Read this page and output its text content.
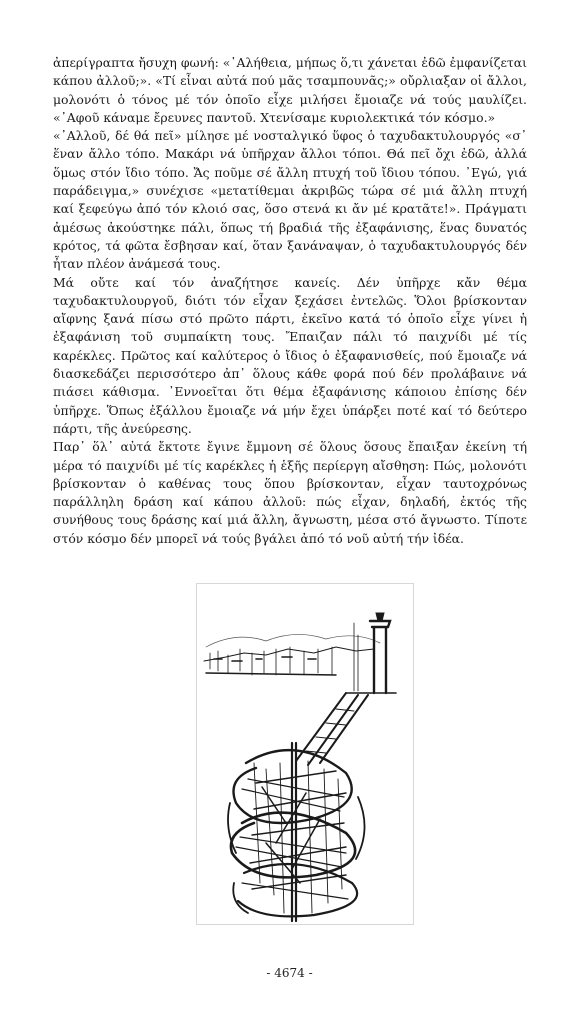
ἀπερίγραπτα ἤσυχη φωνή: «᾿Αλήθεια, μήπως ὅ,τι χάνεται ἐδῶ ἐμφανίζεται κάπου ἀλλοῦ;». «Τί εἶναι αὐτά πού μᾶς τσαμπουνᾶς;» οὔρλιαξαν οἱ ἄλλοι, μολονότι ὁ τόνος μέ τόν ὁποῖο εἶχε μιλήσει ἔμοιαζε νά τούς μαυλίζει. «᾿Αφοῦ κάναμε ἔρευνες παντοῦ. Χτενίσαμε κυριολεκτικά τόν κόσμο.»

«᾿Αλλοῦ, δέ θά πεῖ» μίλησε μέ νοσταλγικό ὕφος ὁ ταχυδακτυλουργός «σ᾿ ἕναν ἄλλο τόπο. Μακάρι νά ὑπῆρχαν ἄλλοι τόποι. Θά πεῖ ὄχι ἐδῶ, ἀλλά ὅμως στόν ἴδιο τόπο. Ἄς ποῦμε σέ ἄλλη πτυχή τοῦ ἴδιου τόπου. ᾿Εγώ, γιά παράδειγμα,» συνέχισε «μετατίθεμαι ἀκριβῶς τώρα σέ μιά ἄλλη πτυχή καί ξεφεύγω ἀπό τόν κλοιό σας, ὅσο στενά κι ἄν μέ κρατᾶτε!». Πράγματι ἀμέσως ἀκούστηκε πάλι, ὅπως τή βραδιά τῆς ἐξαφάνισης, ἕνας δυνατός κρότος, τά φῶτα ἔσβησαν καί, ὅταν ξανάναψαν, ὁ ταχυδακτυλουργός δέν ἦταν πλέον ἀνάμεσά τους.

Μά οὔτε καί τόν ἀναζήτησε κανείς. Δέν ὑπῆρχε κἄν θέμα ταχυδακτυλουργοῦ, διότι τόν εἶχαν ξεχάσει ἐντελῶς. Ὅλοι βρίσκονταν αἴφνης ξανά πίσω στό πρῶτο πάρτι, ἐκεῖνο κατά τό ὁποῖο εἶχε γίνει ἡ ἐξαφάνιση τοῦ συμπαίκτη τους. Ἔπαιζαν πάλι τό παιχνίδι μέ τίς καρέκλες. Πρῶτος καί καλύτερος ὁ ἴδιος ὁ ἐξαφανισθείς, πού ἔμοιαζε νά διασκεδάζει περισσότερο ἀπ᾿ ὅλους κάθε φορά πού δέν προλάβαινε νά πιάσει κάθισμα. ᾿Εννοεῖται ὅτι θέμα ἐξαφάνισης κάποιου ἐπίσης δέν ὑπῆρχε. Ὅπως ἐξάλλου ἔμοιαζε νά μήν ἔχει ὑπάρξει ποτέ καί τό δεύτερο πάρτι, τῆς ἀνεύρεσης.

Παρ᾿ ὅλ᾿ αὐτά ἔκτοτε ἔγινε ἔμμονη σέ ὅλους ὅσους ἔπαιξαν ἐκείνη τή μέρα τό παιχνίδι μέ τίς καρέκλες ἡ ἑξῆς περίεργη αἴσθηση: Πώς, μολονότι βρίσκονταν ὁ καθένας τους ὅπου βρίσκονταν, εἶχαν ταυτοχρόνως παράλληλη δράση καί κάπου ἀλλοῦ: πώς εἶχαν, δηλαδή, ἐκτός τῆς συνήθους τους δράσης καί μιά ἄλλη, ἄγνωστη, μέσα στό ἄγνωστο. Τίποτε στόν κόσμο δέν μπορεῖ νά τούς βγάλει ἀπό τό νοῦ αὐτή τήν ἰδέα.

- 4674 -
